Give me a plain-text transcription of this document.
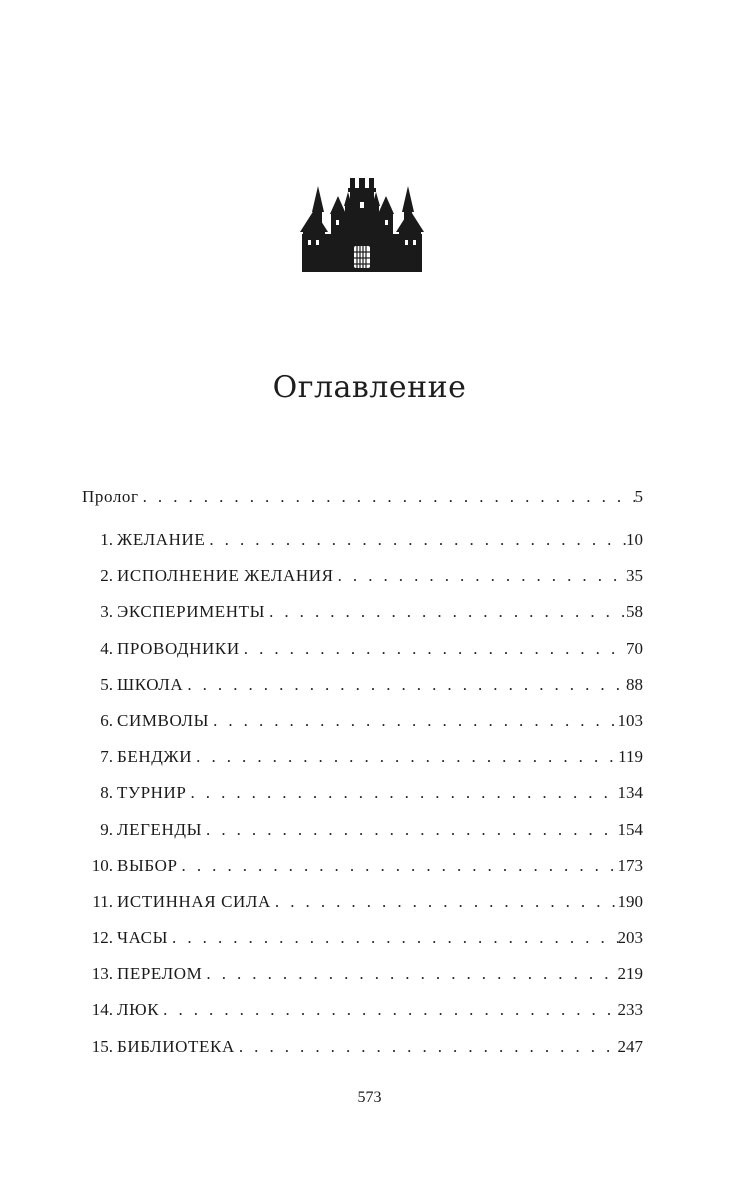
Оглавление
Пролог . . .	5
1. ЖЕЛАНИЕ . . .	10
2. ИСПОЛНЕНИЕ ЖЕЛАНИЯ . . .	35
3. ЭКСПЕРИМЕНТЫ . . .	58
4. ПРОВОДНИКИ . . .	70
5. ШКОЛА . . .	88
6. СИМВОЛЫ . . .	103
7. БЕНДЖИ . . .	119
8. ТУРНИР . . .	134
9. ЛЕГЕНДЫ . . .	154
10. ВЫБОР . . .	173
11. ИСТИННАЯ СИЛА . . .	190
12. ЧАСЫ . . .	203
13. ПЕРЕЛОМ . . .	219
14. ЛЮК . . .	233
15. БИБЛИОТЕКА . . .	247
573
